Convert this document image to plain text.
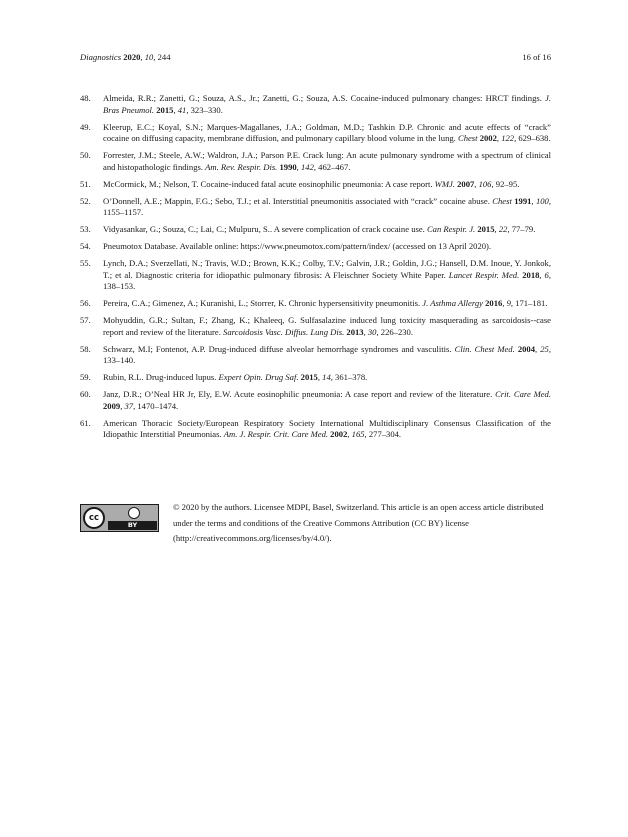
Diagnostics 2020, 10, 244	16 of 16
48. Almeida, R.R.; Zanetti, G.; Souza, A.S., Jr.; Zanetti, G.; Souza, A.S. Cocaine-induced pulmonary changes: HRCT findings. J. Bras Pneumol. 2015, 41, 323–330.
49. Kleerup, E.C.; Koyal, S.N.; Marques-Magallanes, J.A.; Goldman, M.D.; Tashkin D.P. Chronic and acute effects of “crack” cocaine on diffusing capacity, membrane diffusion, and pulmonary capillary blood volume in the lung. Chest 2002, 122, 629–638.
50. Forrester, J.M.; Steele, A.W.; Waldron, J.A.; Parson P.E. Crack lung: An acute pulmonary syndrome with a spectrum of clinical and histopathologic findings. Am. Rev. Respir. Dis. 1990, 142, 462–467.
51. McCormick, M.; Nelson, T. Cocaine-induced fatal acute eosinophilic pneumonia: A case report. WMJ. 2007, 106, 92–95.
52. O’Donnell, A.E.; Mappin, F.G.; Sebo, T.J.; et al. Interstitial pneumonitis associated with “crack” cocaine abuse. Chest 1991, 100, 1155–1157.
53. Vidyasankar, G.; Souza, C.; Lai, C.; Mulpuru, S.. A severe complication of crack cocaine use. Can Respir. J. 2015, 22, 77–79.
54. Pneumotox Database. Available online: https://www.pneumotox.com/pattern/index/ (accessed on 13 April 2020).
55. Lynch, D.A.; Sverzellati, N.; Travis, W.D.; Brown, K.K.; Colby, T.V.; Galvin, J.R.; Goldin, J.G.; Hansell, D.M. Inoue, Y. Jonkok, T.; et al. Diagnostic criteria for idiopathic pulmonary fibrosis: A Fleischner Society White Paper. Lancet Respir. Med. 2018, 6, 138–153.
56. Pereira, C.A.; Gimenez, A.; Kuranishi, L.; Storrer, K. Chronic hypersensitivity pneumonitis. J. Asthma Allergy 2016, 9, 171–181.
57. Mohyuddin, G.R.; Sultan, F.; Zhang, K.; Khaleeq, G. Sulfasalazine induced lung toxicity masquerading as sarcoidosis--case report and review of the literature. Sarcoidosis Vasc. Diffus. Lung Dis. 2013, 30, 226–230.
58. Schwarz, M.I; Fontenot, A.P. Drug-induced diffuse alveolar hemorrhage syndromes and vasculitis. Clin. Chest Med. 2004, 25, 133–140.
59. Rubin, R.L. Drug-induced lupus. Expert Opin. Drug Saf. 2015, 14, 361–378.
60. Janz, D.R.; O’Neal HR Jr, Ely, E.W. Acute eosinophilic pneumonia: A case report and review of the literature. Crit. Care Med. 2009, 37, 1470–1474.
61. American Thoracic Society/European Respiratory Society International Multidisciplinary Consensus Classification of the Idiopathic Interstitial Pneumonias. Am. J. Respir. Crit. Care Med. 2002, 165, 277–304.
cc
BY

© 2020 by the authors. Licensee MDPI, Basel, Switzerland. This article is an open access article distributed under the terms and conditions of the Creative Commons Attribution (CC BY) license (http://creativecommons.org/licenses/by/4.0/).
